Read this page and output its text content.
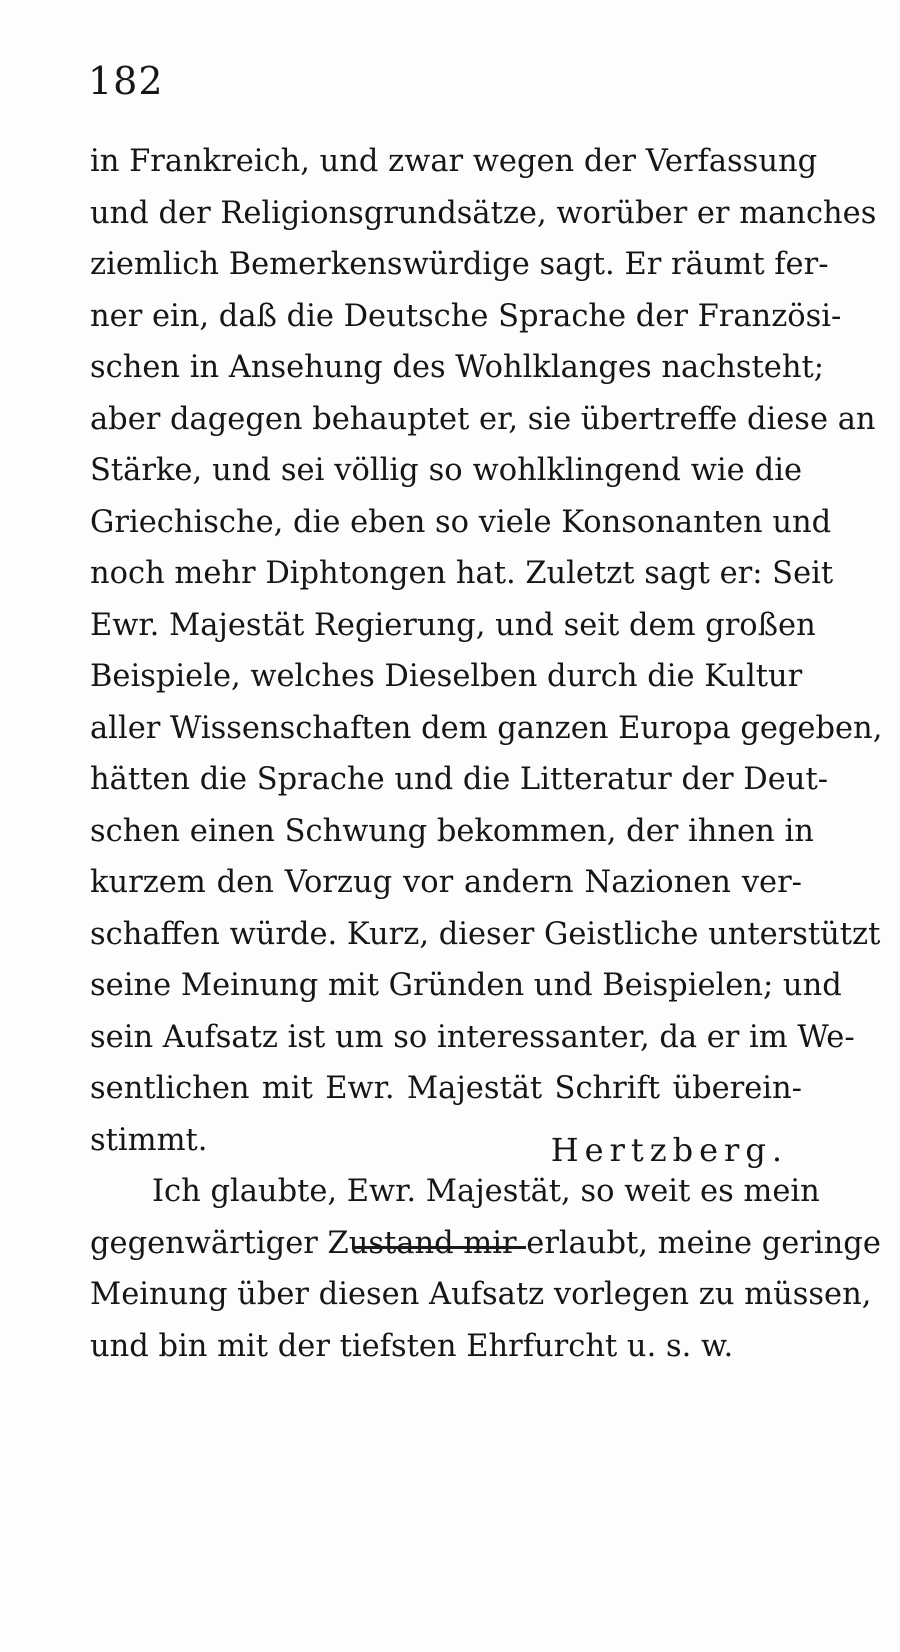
182
in Frankreich, und zwar wegen der Verfassung
und der Religionsgrundsätze, worüber er manches
ziemlich Bemerkenswürdige sagt. Er räumt fer-
ner ein, daß die Deutsche Sprache der Französi-
schen in Ansehung des Wohlklanges nachsteht;
aber dagegen behauptet er, sie übertreffe diese an
Stärke, und sei völlig so wohlklingend wie die
Griechische, die eben so viele Konsonanten und
noch mehr Diphtongen hat. Zuletzt sagt er: Seit
Ewr. Majestät Regierung, und seit dem großen
Beispiele, welches Dieselben durch die Kultur
aller Wissenschaften dem ganzen Europa gegeben,
hätten die Sprache und die Litteratur der Deut-
schen einen Schwung bekommen, der ihnen in
kurzem den Vorzug vor andern Nazionen ver-
schaffen würde. Kurz, dieser Geistliche unterstützt
seine Meinung mit Gründen und Beispielen; und
sein Aufsatz ist um so interessanter, da er im We-
sentlichen mit Ewr. Majestät Schrift überein-
stimmt.
Ich glaubte, Ewr. Majestät, so weit es mein
gegenwärtiger Zustand mir erlaubt, meine geringe
Meinung über diesen Aufsatz vorlegen zu müssen,
und bin mit der tiefsten Ehrfurcht u. s. w.
Hertzberg.
